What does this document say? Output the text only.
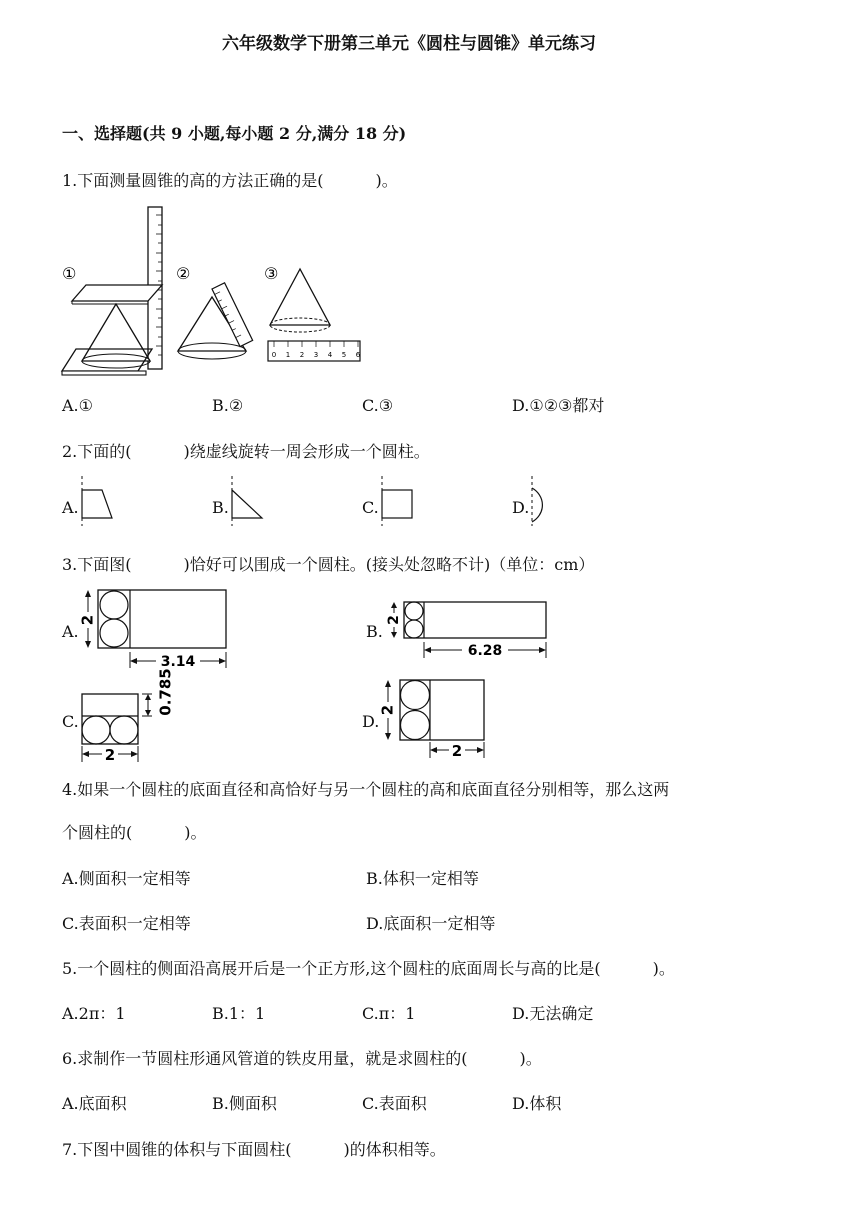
六年级数学下册第三单元《圆柱与圆锥》单元练习
一、选择题(共 9 小题,每小题 2 分,满分 18 分)
1.下面测量圆锥的高的方法正确的是(	)。
①	②	③
0 1 2 3 4 5 6
A.①	B.②	C.③	D.①②③都对
2.下面的(	)绕虚线旋转一周会形成一个圆柱。
A.	B.	C.	D.
3.下面图(	)恰好可以围成一个圆柱。(接头处忽略不计)（单位：cm）
A.
2
3.14
B.
2
6.28
C.
0.785
2
D.
2
2
4.如果一个圆柱的底面直径和高恰好与另一个圆柱的高和底面直径分别相等，那么这两
个圆柱的(	)。
A.侧面积一定相等	B.体积一定相等
C.表面积一定相等	D.底面积一定相等
5.一个圆柱的侧面沿高展开后是一个正方形,这个圆柱的底面周长与高的比是(	)。
A.2π：1	B.1：1	C.π：1	D.无法确定
6.求制作一节圆柱形通风管道的铁皮用量，就是求圆柱的(	)。
A.底面积	B.侧面积	C.表面积	D.体积
7.下图中圆锥的体积与下面圆柱(	)的体积相等。
